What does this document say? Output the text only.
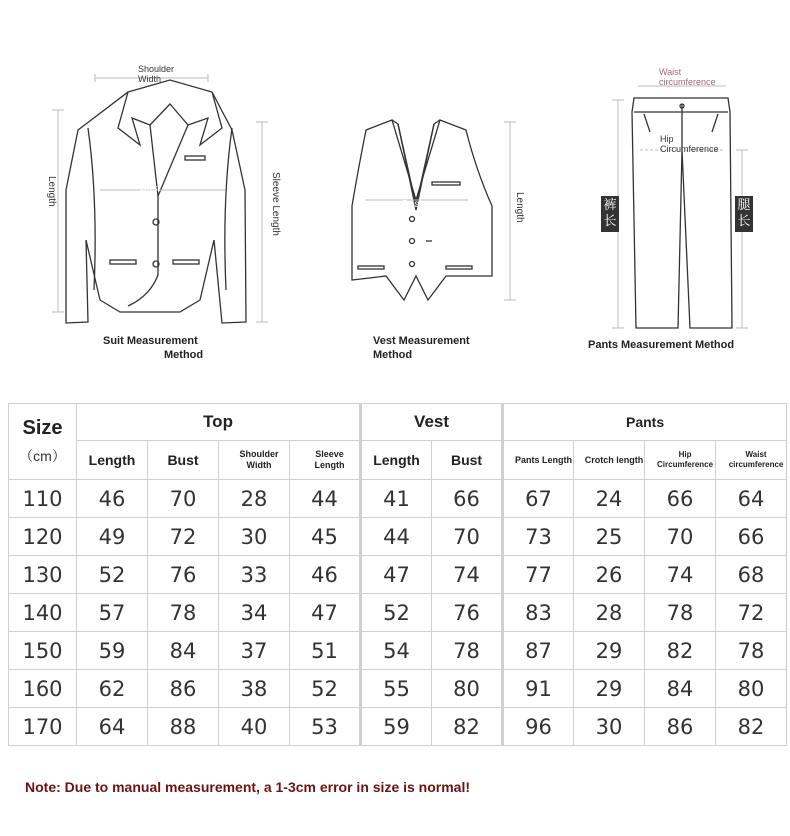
Shoulder
Width
Length	Sleeve Length
Bust
Suit Measurement
Method
Length
Bust
Vest Measurement
Method
Waist
circumference
Hip
Circumference
裤长
腿长
Pants Measurement Method
Size
（cm）	Top				Vest		Pants			
	Length	Bust	Shoulder Width	Sleeve Length	Length	Bust	Pants Length	Crotch length	Hip Circumference	Waist circumference
110	46	70	28	44	41	66	67	24	66	64
120	49	72	30	45	44	70	73	25	70	66
130	52	76	33	46	47	74	77	26	74	68
140	57	78	34	47	52	76	83	28	78	72
150	59	84	37	51	54	78	87	29	82	78
160	62	86	38	52	55	80	91	29	84	80
170	64	88	40	53	59	82	96	30	86	82
Note: Due to manual measurement, a 1-3cm error in size is normal!
